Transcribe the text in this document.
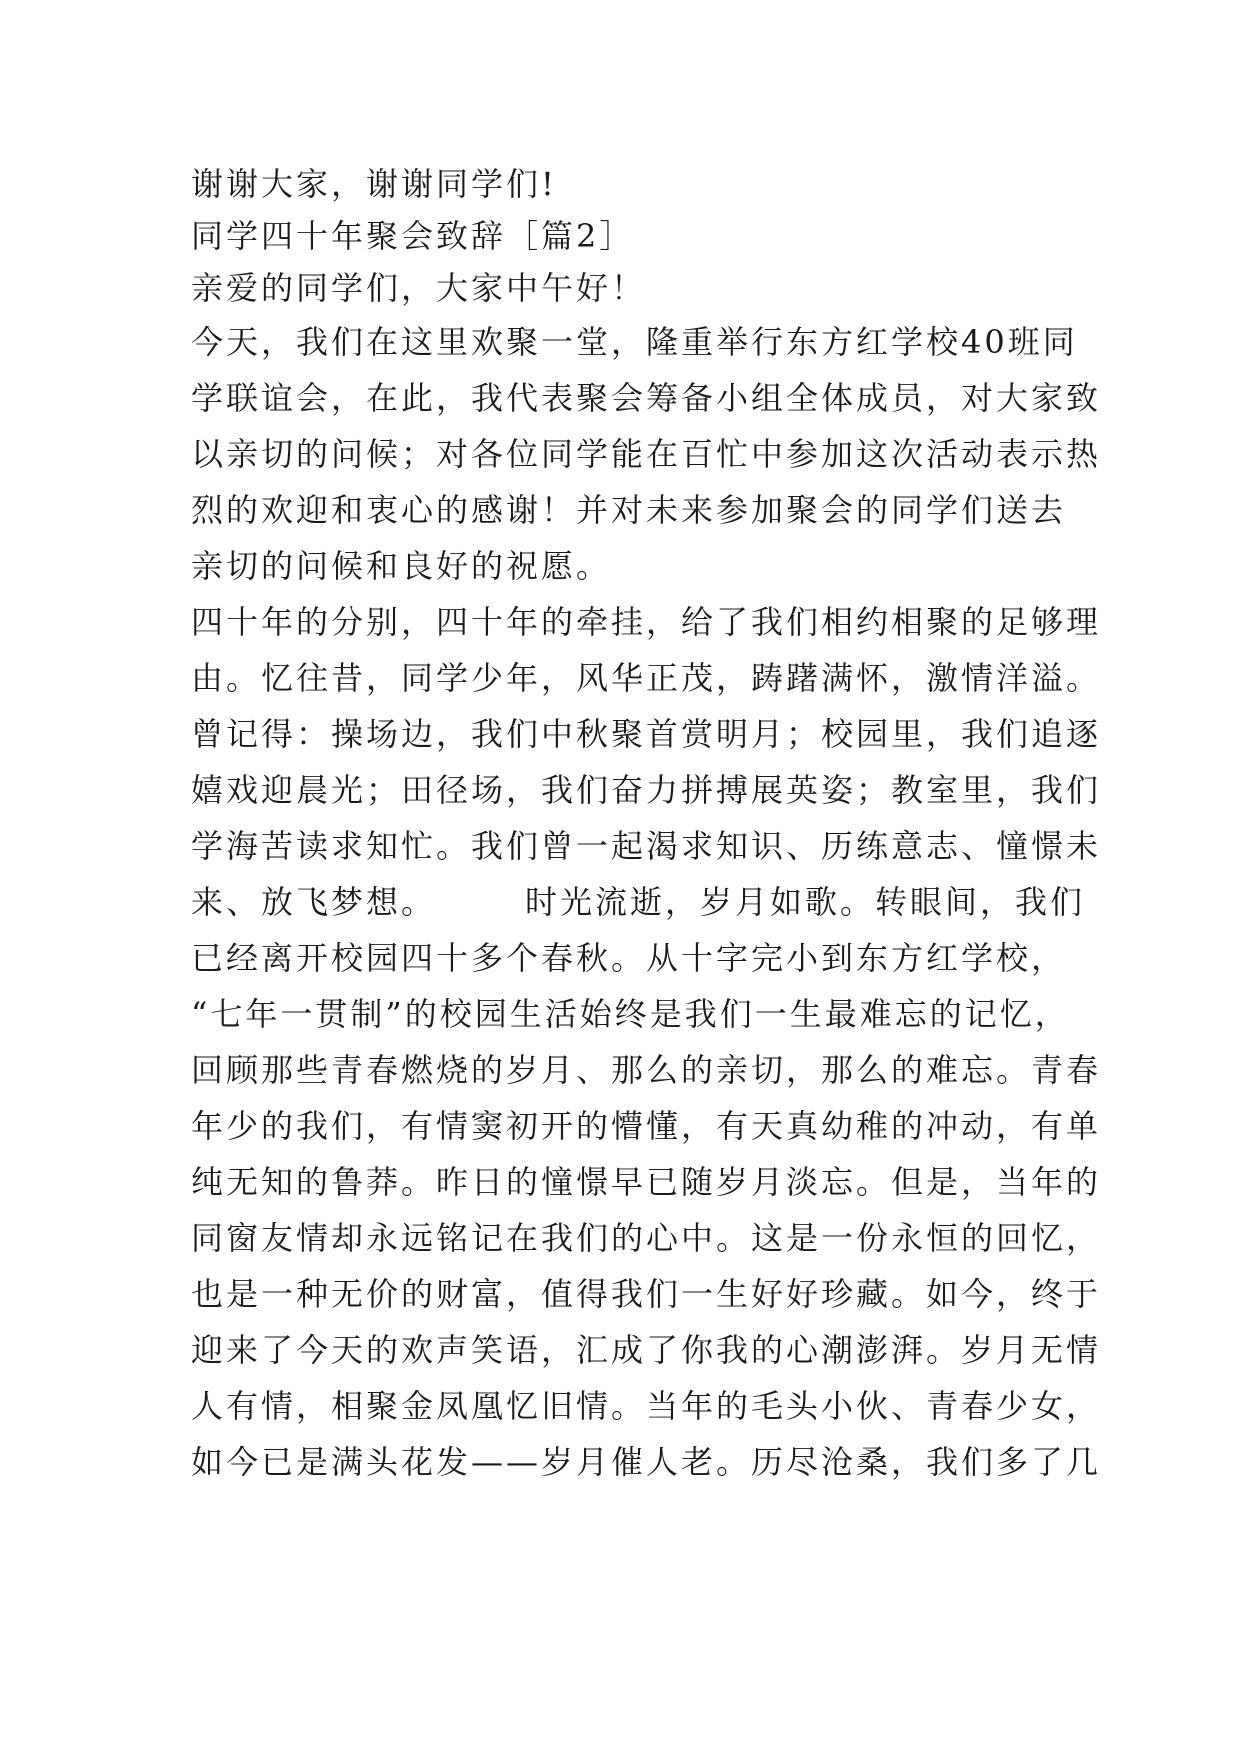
谢谢大家，谢谢同学们!
同学四十年聚会致辞［篇2］
亲爱的同学们，大家中午好！
今天，我们在这里欢聚一堂，隆重举行东方红学校40班同
学联谊会，在此，我代表聚会筹备小组全体成员，对大家致
以亲切的问候；对各位同学能在百忙中参加这次活动表示热
烈的欢迎和衷心的感谢！并对未来参加聚会的同学们送去
亲切的问候和良好的祝愿。
四十年的分别，四十年的牵挂，给了我们相约相聚的足够理
由。忆往昔，同学少年，风华正茂，踌躇满怀，激情洋溢。
曾记得：操场边，我们中秋聚首赏明月；校园里，我们追逐
嬉戏迎晨光；田径场，我们奋力拼搏展英姿；教室里，我们
学海苦读求知忙。我们曾一起渴求知识、历练意志、憧憬未
来、放飞梦想。　　　时光流逝，岁月如歌。转眼间，我们
已经离开校园四十多个春秋。从十字完小到东方红学校，
“七年一贯制”的校园生活始终是我们一生最难忘的记忆，
回顾那些青春燃烧的岁月、那么的亲切，那么的难忘。青春
年少的我们，有情窦初开的懵懂，有天真幼稚的冲动，有单
纯无知的鲁莽。昨日的憧憬早已随岁月淡忘。但是，当年的
同窗友情却永远铭记在我们的心中。这是一份永恒的回忆，
也是一种无价的财富，值得我们一生好好珍藏。如今，终于
迎来了今天的欢声笑语，汇成了你我的心潮澎湃。岁月无情
人有情，相聚金凤凰忆旧情。当年的毛头小伙、青春少女，
如今已是满头花发——岁月催人老。历尽沧桑，我们多了几
